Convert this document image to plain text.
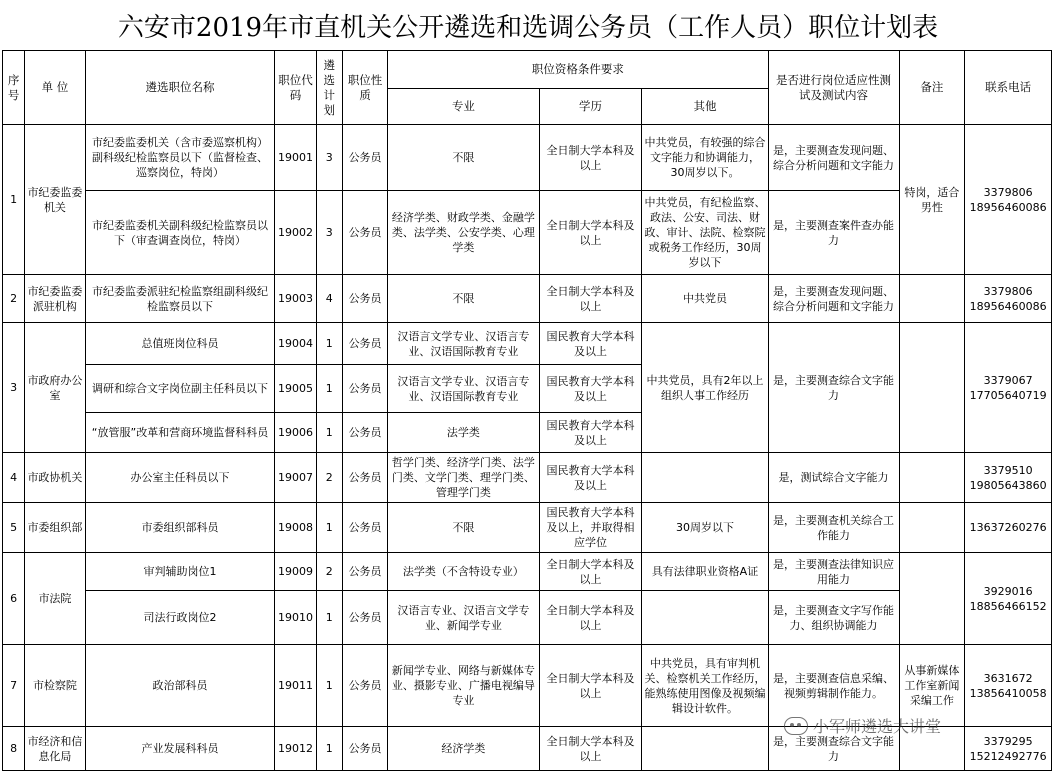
六安市2019年市直机关公开遴选和选调公务员（工作人员）职位计划表
序号	单 位	遴选职位名称	职位代码	遴选计划	职位性质	职位资格条件要求			是否进行岗位适应性测试及测试内容	备注	联系电话
						专业	学历	其他			
1	市纪委监委机关	市纪委监委机关（含市委巡察机构）副科级纪检监察员以下（监督检查、巡察岗位，特岗）	19001	3	公务员	不限	全日制大学本科及以上	中共党员，有较强的综合文字能力和协调能力，30周岁以下。	是，主要测查发现问题、综合分析问题和文字能力	特岗，适合男性	3379806 18956460086
		市纪委监委机关副科级纪检监察员以下（审查调查岗位，特岗）	19002	3	公务员	经济学类、财政学类、金融学类、法学类、公安学类、心理学类	全日制大学本科及以上	中共党员，有纪检监察、政法、公安、司法、财政、审计、法院、检察院或税务工作经历，30周岁以下	是，主要测查案件查办能力		
2	市纪委监委派驻机构	市纪委监委派驻纪检监察组副科级纪检监察员以下	19003	4	公务员	不限	全日制大学本科及以上	中共党员	是，主要测查发现问题、综合分析问题和文字能力		3379806 18956460086
3	市政府办公室	总值班岗位科员	19004	1	公务员	汉语言文学专业、汉语言专业、汉语国际教育专业	国民教育大学本科及以上	中共党员，具有2年以上组织人事工作经历	是，主要测查综合文字能力		3379067 17705640719
		调研和综合文字岗位副主任科员以下	19005	1	公务员	汉语言文学专业、汉语言专业、汉语国际教育专业	国民教育大学本科及以上				
		“放管服”改革和营商环境监督科科员	19006	1	公务员	法学类	国民教育大学本科及以上				
4	市政协机关	办公室主任科员以下	19007	2	公务员	哲学门类、经济学门类、法学门类、文学门类、理学门类、管理学门类	国民教育大学本科及以上		是，测试综合文字能力		3379510 19805643860
5	市委组织部	市委组织部科员	19008	1	公务员	不限	国民教育大学本科及以上，并取得相应学位	30周岁以下	是，主要测查机关综合工作能力		13637260276
6	市法院	审判辅助岗位1	19009	2	公务员	法学类（不含特设专业）	全日制大学本科及以上	具有法律职业资格A证	是，主要测查法律知识应用能力		3929016 18856466152
		司法行政岗位2	19010	1	公务员	汉语言专业、汉语言文学专业、新闻学专业	全日制大学本科及以上		是，主要测查文字写作能力、组织协调能力		
7	市检察院	政治部科员	19011	1	公务员	新闻学专业、网络与新媒体专业、摄影专业、广播电视编导专业	全日制大学本科及以上	中共党员，具有审判机关、检察机关工作经历，能熟练使用图像及视频编辑设计软件。	是，主要测查信息采编、视频剪辑制作能力。	从事新媒体工作室新闻采编工作	3631672 13856410058
8	市经济和信息化局	产业发展科科员	19012	1	公务员	经济学类	全日制大学本科及以上		是，主要测查综合文字能力		3379295 15212492776
小军师遴选大讲堂
